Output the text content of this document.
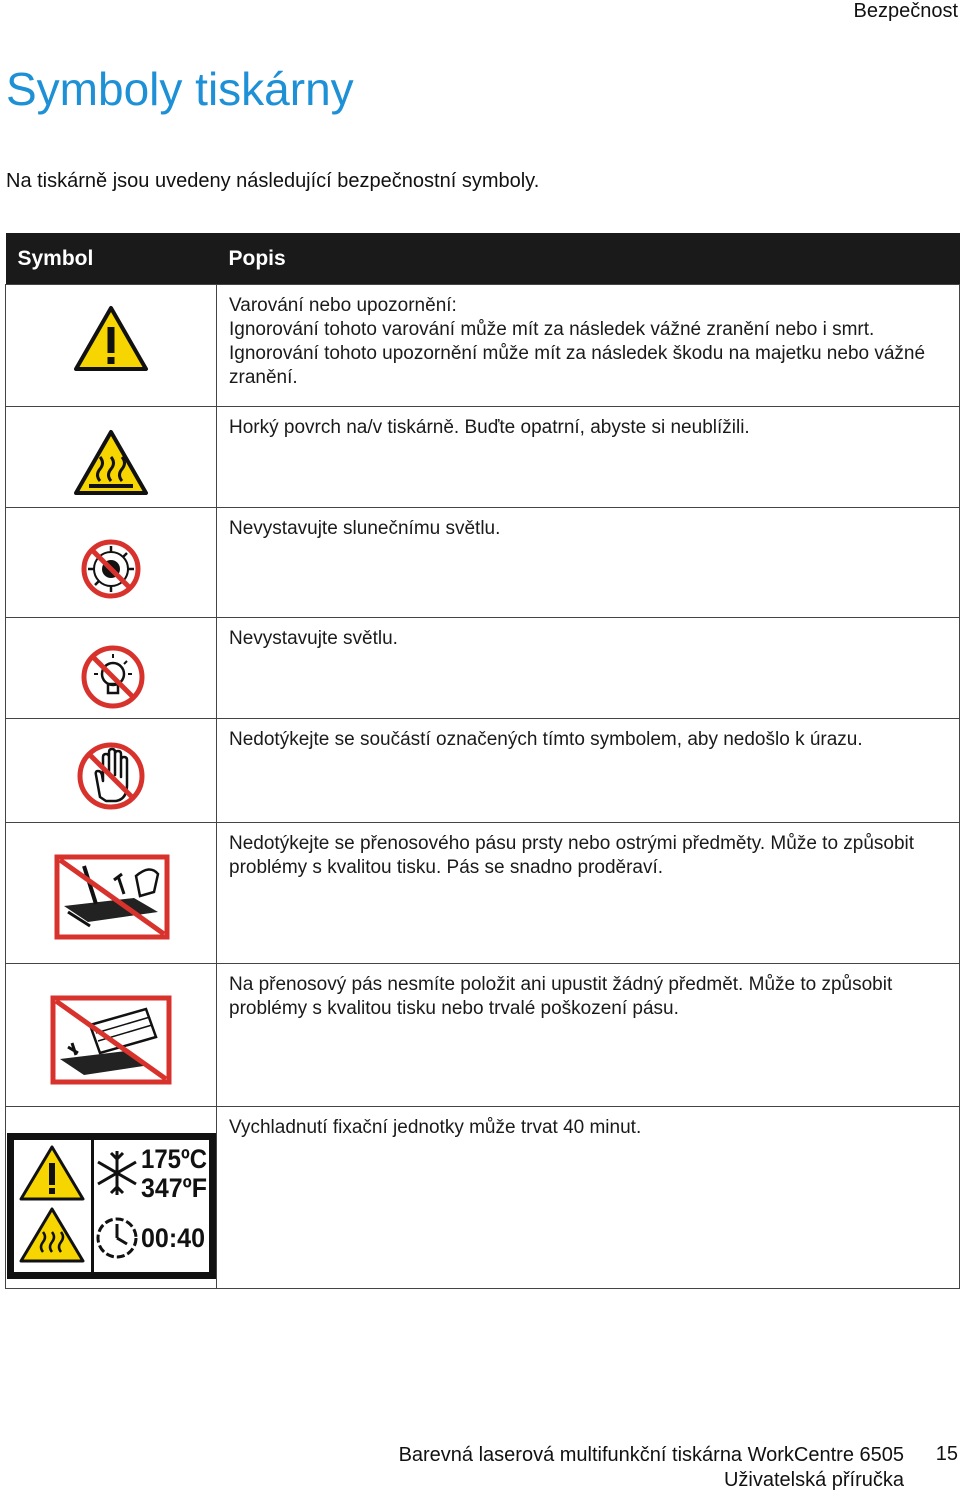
Bezpečnost
Symboly tiskárny

Na tiskárně jsou uvedeny následující bezpečnostní symboly.

Symbol	Popis

Varování nebo upozornění:
Ignorování tohoto varování může mít za následek vážné zranění nebo i smrt.
Ignorování tohoto upozornění může mít za následek škodu na majetku nebo vážné zranění.

Horký povrch na/v tiskárně. Buďte opatrní, abyste si neublížili.

Nevystavujte slunečnímu světlu.

Nevystavujte světlu.

Nedotýkejte se součástí označených tímto symbolem, aby nedošlo k úrazu.

Nedotýkejte se přenosového pásu prsty nebo ostrými předměty. Může to způsobit problémy s kvalitou tisku. Pás se snadno proděraví.

Na přenosový pás nesmíte položit ani upustit žádný předmět. Může to způsobit problémy s kvalitou tisku nebo trvalé poškození pásu.

175ºC
347ºF
00:40	Vychladnutí fixační jednotky může trvat 40 minut.
Barevná laserová multifunkční tiskárna WorkCentre 6505
Uživatelská příručka
15
